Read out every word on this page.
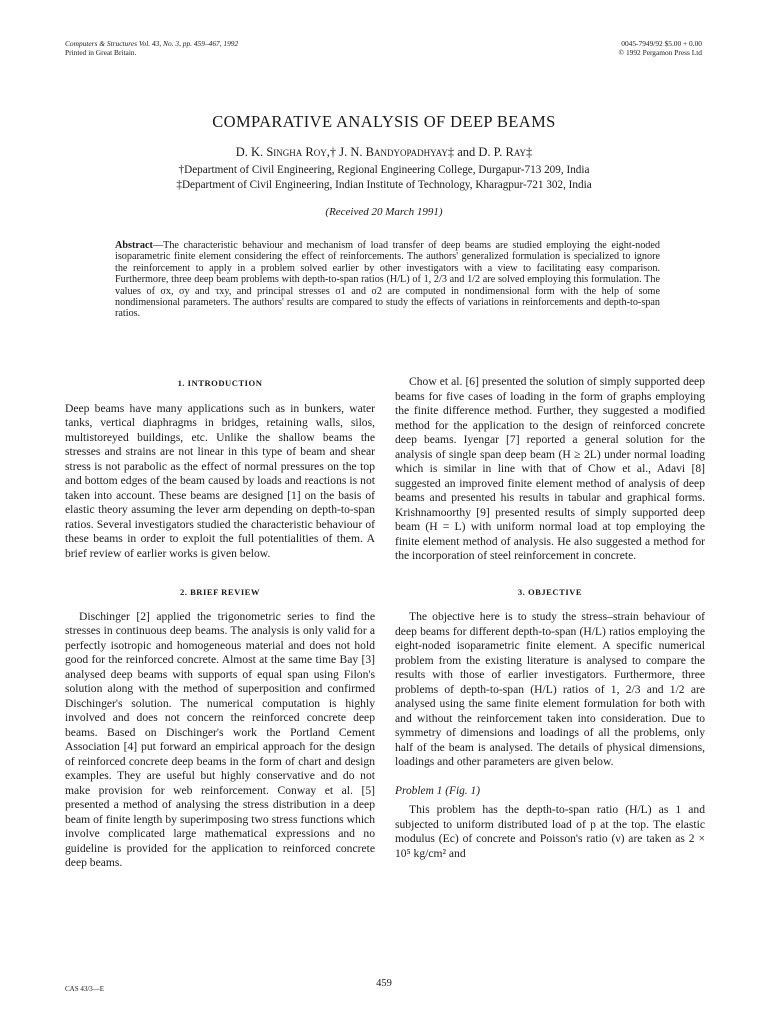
Computers & Structures Vol. 43, No. 3, pp. 459–467, 1992
Printed in Great Britain.
0045-7949/92 $5.00 + 0.00
© 1992 Pergamon Press Ltd
COMPARATIVE ANALYSIS OF DEEP BEAMS
D. K. Singha Roy,† J. N. Bandyopadhyay‡ and D. P. Ray‡
†Department of Civil Engineering, Regional Engineering College, Durgapur-713 209, India
‡Department of Civil Engineering, Indian Institute of Technology, Kharagpur-721 302, India
(Received 20 March 1991)
Abstract—The characteristic behaviour and mechanism of load transfer of deep beams are studied employing the eight-noded isoparametric finite element considering the effect of reinforcements. The authors' generalized formulation is specialized to ignore the reinforcement to apply in a problem solved earlier by other investigators with a view to facilitating easy comparison. Furthermore, three deep beam problems with depth-to-span ratios (H/L) of 1, 2/3 and 1/2 are solved employing this formulation. The values of σx, σy and τxy, and principal stresses σ1 and σ2 are computed in nondimensional form with the help of some nondimensional parameters. The authors' results are compared to study the effects of variations in reinforcements and depth-to-span ratios.
1. INTRODUCTION

Deep beams have many applications such as in bunkers, water tanks, vertical diaphragms in bridges, retaining walls, silos, multistoreyed buildings, etc. Unlike the shallow beams the stresses and strains are not linear in this type of beam and shear stress is not parabolic as the effect of normal pressures on the top and bottom edges of the beam caused by loads and reactions is not taken into account. These beams are designed [1] on the basis of elastic theory assuming the lever arm depending on depth-to-span ratios. Several investigators studied the characteristic behaviour of these beams in order to exploit the full potentialities of them. A brief review of earlier works is given below.

2. BRIEF REVIEW

Dischinger [2] applied the trigonometric series to find the stresses in continuous deep beams. The analysis is only valid for a perfectly isotropic and homogeneous material and does not hold good for the reinforced concrete. Almost at the same time Bay [3] analysed deep beams with supports of equal span using Filon's solution along with the method of superposition and confirmed Dischinger's solution. The numerical computation is highly involved and does not concern the reinforced concrete deep beams. Based on Dischinger's work the Portland Cement Association [4] put forward an empirical approach for the design of reinforced concrete deep beams in the form of chart and design examples. They are useful but highly conservative and do not make provision for web reinforcement. Conway et al. [5] presented a method of analysing the stress distribution in a deep beam of finite length by superimposing two stress functions which involve complicated large mathematical expressions and no guideline is provided for the application to reinforced concrete deep beams.

Chow et al. [6] presented the solution of simply supported deep beams for five cases of loading in the form of graphs employing the finite difference method. Further, they suggested a modified method for the application to the design of reinforced concrete deep beams. Iyengar [7] reported a general solution for the analysis of single span deep beam (H ≥ 2L) under normal loading which is similar in line with that of Chow et al., Adavi [8] suggested an improved finite element method of analysis of deep beams and presented his results in tabular and graphical forms. Krishnamoorthy [9] presented results of simply supported deep beam (H = L) with uniform normal load at top employing the finite element method of analysis. He also suggested a method for the incorporation of steel reinforcement in concrete.

3. OBJECTIVE

The objective here is to study the stress–strain behaviour of deep beams for different depth-to-span (H/L) ratios employing the eight-noded isoparametric finite element. A specific numerical problem from the existing literature is analysed to compare the results with those of earlier investigators. Furthermore, three problems of depth-to-span (H/L) ratios of 1, 2/3 and 1/2 are analysed using the same finite element formulation for both with and without the reinforcement taken into consideration. Due to symmetry of dimensions and loadings of all the problems, only half of the beam is analysed. The details of physical dimensions, loadings and other parameters are given below.

Problem 1 (Fig. 1)

This problem has the depth-to-span ratio (H/L) as 1 and subjected to uniform distributed load of p at the top. The elastic modulus (Ec) of concrete and Poisson's ratio (ν) are taken as 2 × 10⁵ kg/cm² and

CAS 43/3—E	459
